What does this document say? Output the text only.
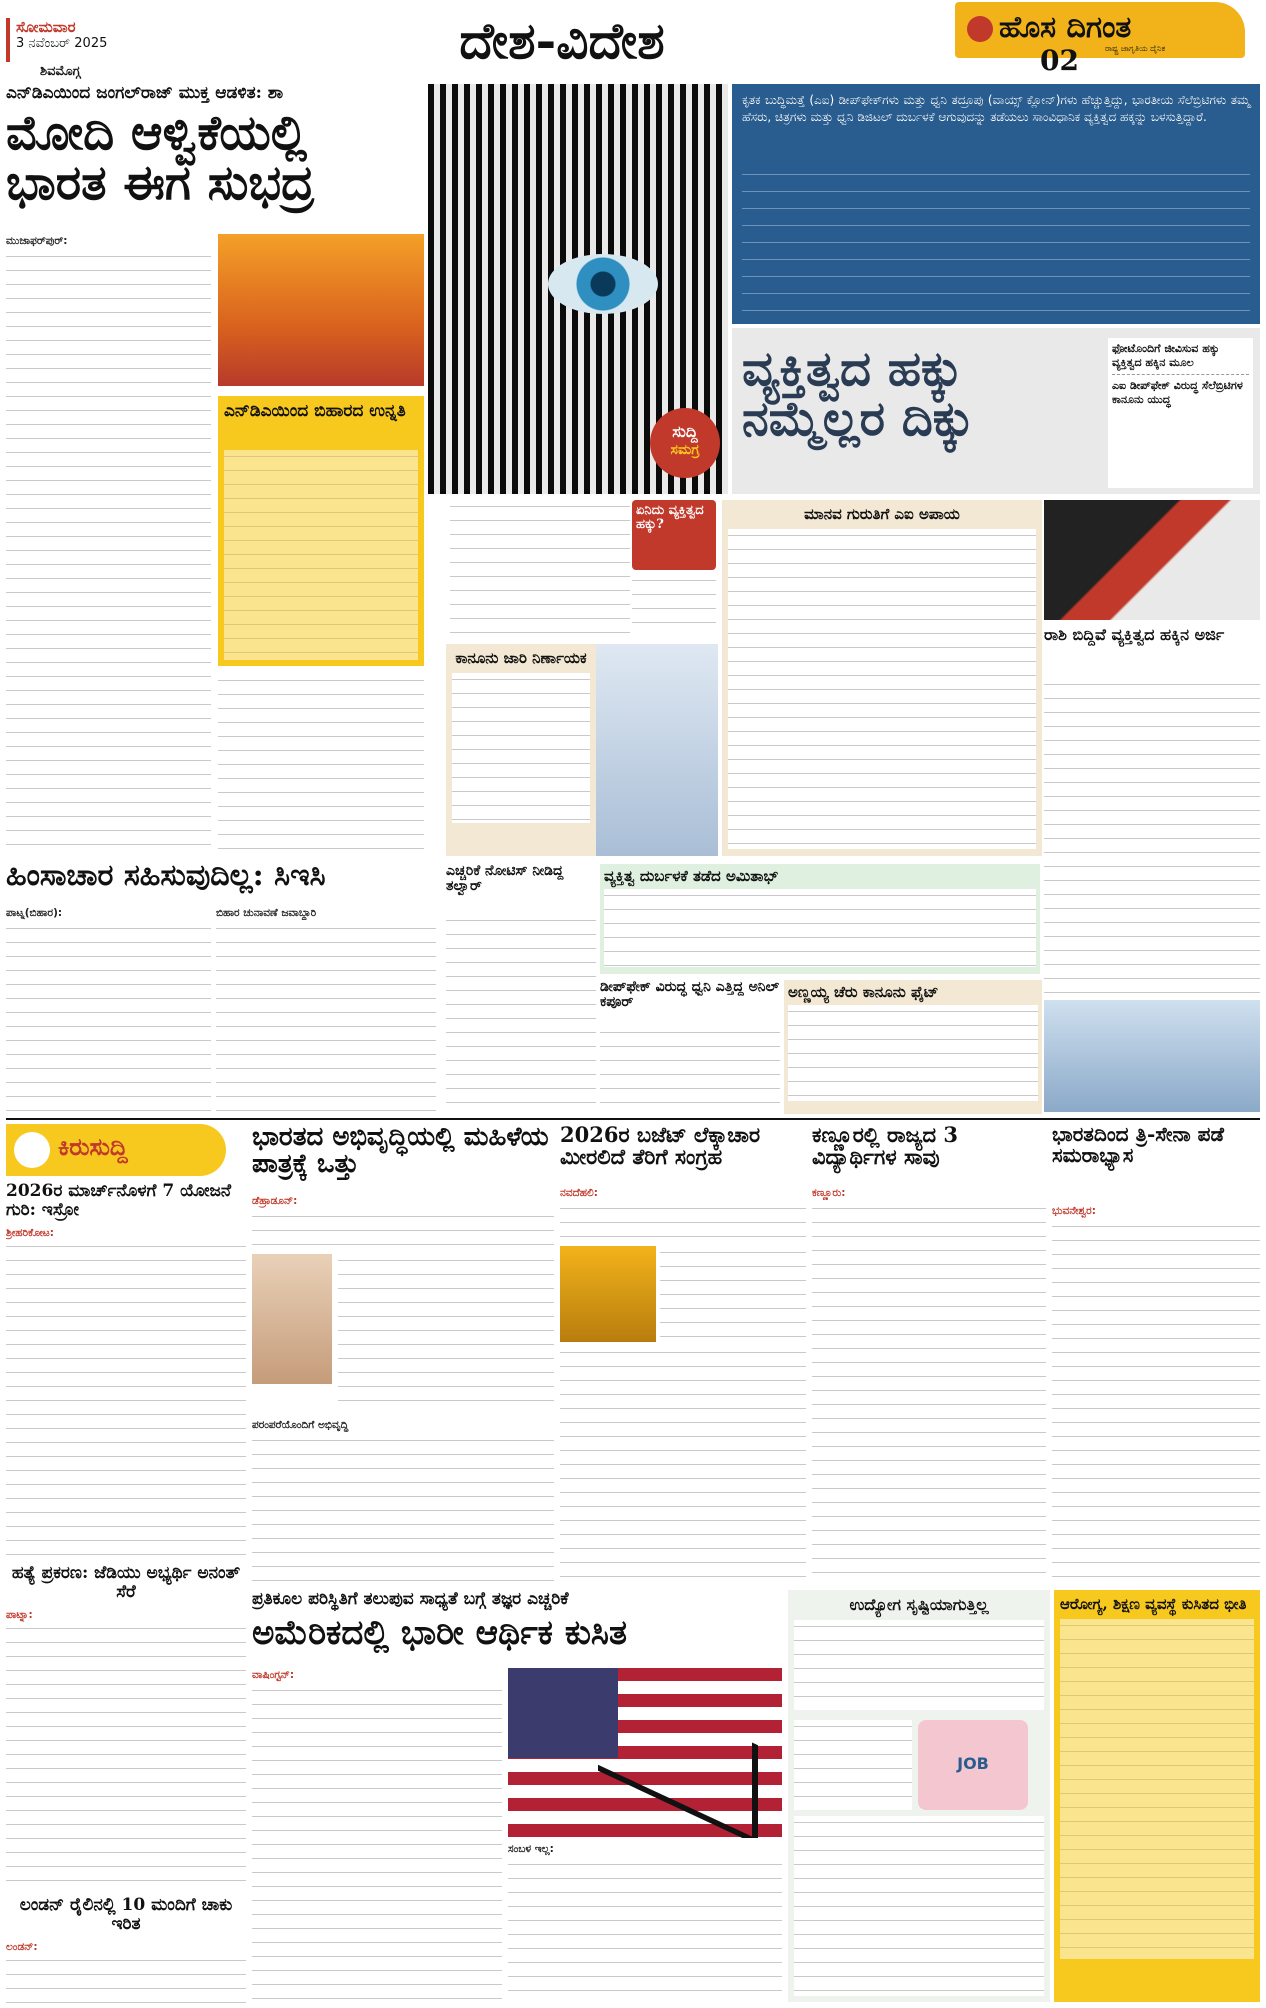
ಸೋಮವಾರ
3 ನವೆಂಬರ್ 2025
ಶಿವಮೊಗ್ಗ
ದೇಶ-ವಿದೇಶ	ಹೊಸ ದಿಗಂತ
ರಾಷ್ಟ್ರ ಜಾಗೃತಿಯ ದೈನಿಕ
02
ಎನ್‌ಡಿಎಯಿಂದ ಜಂಗಲ್‌ರಾಜ್ ಮುಕ್ತ ಆಡಳಿತ: ಶಾ
ಮೋದಿ ಆಳ್ವಿಕೆಯಲ್ಲಿ ಭಾರತ ಈಗ ಸುಭದ್ರ
ಮುಜಾಫರ್‌ಪುರ್:
ಎನ್‌ಡಿಎಯಿಂದ ಬಿಹಾರದ ಉನ್ನತಿ
ಸುದ್ದಿ
ಸಮಗ್ರ
ಕೃತಕ ಬುದ್ಧಿಮತ್ತೆ (ಎಐ) ಡೀಪ್‌ಫೇಕ್‌ಗಳು ಮತ್ತು ಧ್ವನಿ ತದ್ರೂಪು (ವಾಯ್ಸ್ ಕ್ಲೋನ್)ಗಳು ಹೆಚ್ಚುತ್ತಿದ್ದು, ಭಾರತೀಯ ಸೆಲೆಬ್ರಿಟಿಗಳು ತಮ್ಮ ಹೆಸರು, ಚಿತ್ರಗಳು ಮತ್ತು ಧ್ವನಿ ಡಿಜಿಟಲ್ ದುರ್ಬಳಕೆ ಆಗುವುದನ್ನು ತಡೆಯಲು ಸಾಂವಿಧಾನಿಕ ವ್ಯಕ್ತಿತ್ವದ ಹಕ್ಕನ್ನು ಬಳಸುತ್ತಿದ್ದಾರೆ.
ವ್ಯಕ್ತಿತ್ವದ ಹಕ್ಕು ನಮ್ಮೆಲ್ಲರ ದಿಕ್ಕು
ಫೋಟೊಂದಿಗೆ ಜೀವಿಸುವ ಹಕ್ಕು ವ್ಯಕ್ತಿತ್ವದ ಹಕ್ಕಿನ ಮೂಲ
ಎಐ ಡೀಪ್‌ಫೇಕ್ ವಿರುದ್ಧ ಸೆಲೆಬ್ರಿಟಿಗಳ ಕಾನೂನು ಯುದ್ಧ
ಏನಿದು ವ್ಯಕ್ತಿತ್ವದ ಹಕ್ಕು?
ಕಾನೂನು ಜಾರಿ ನಿರ್ಣಾಯಕ
ಮಾನವ ಗುರುತಿಗೆ ಎಐ ಅಪಾಯ
ರಾಶಿ ಬಿದ್ದಿವೆ ವ್ಯಕ್ತಿತ್ವದ ಹಕ್ಕಿನ ಅರ್ಜಿ
ಎಚ್ಚರಿಕೆ ನೋಟಿಸ್ ನೀಡಿದ್ದ ತಲ್ವಾರ್
ವ್ಯಕ್ತಿತ್ವ ದುರ್ಬಳಕೆ ತಡೆದ ಅಮಿತಾಭ್
ಡೀಪ್‌ಫೇಕ್ ವಿರುದ್ಧ ಧ್ವನಿ ಎತ್ತಿದ್ದ ಅನಿಲ್ ಕಪೂರ್
ಅಣ್ಣಯ್ಯ ಚೆರು ಕಾನೂನು ಫೈಟ್
ಹಿಂಸಾಚಾರ ಸಹಿಸುವುದಿಲ್ಲ: ಸಿಇಸಿ
ಪಾಟ್ನ(ಬಿಹಾರ):	ಬಿಹಾರ ಚುನಾವಣೆ ಜವಾಬ್ದಾರಿ
ಕಿರುಸುದ್ದಿ
2026ರ ಮಾರ್ಚ್‌ನೊಳಗೆ 7 ಯೋಜನೆ ಗುರಿ: ಇಸ್ರೋ
ಶ್ರೀಹರಿಕೋಟ:
ಹತ್ಯೆ ಪ್ರಕರಣ: ಜೆಡಿಯು ಅಭ್ಯರ್ಥಿ ಅನಂತ್ ಸೆರೆ
ಪಾಟ್ನಾ:
ಲಂಡನ್ ರೈಲಿನಲ್ಲಿ 10 ಮಂದಿಗೆ ಚಾಕು ಇರಿತ
ಲಂಡನ್:
ಭಾರತದ ಅಭಿವೃದ್ಧಿಯಲ್ಲಿ ಮಹಿಳೆಯ ಪಾತ್ರಕ್ಕೆ ಒತ್ತು
ಡೆಹ್ರಾಡೂನ್:
ಪರಂಪರೆಯೊಂದಿಗೆ ಅಭಿವೃದ್ಧಿ
2026ರ ಬಜೆಟ್ ಲೆಕ್ಕಾಚಾರ ಮೀರಲಿದೆ ತೆರಿಗೆ ಸಂಗ್ರಹ
ನವದೆಹಲಿ:
ಕಣ್ಣೂರಲ್ಲಿ ರಾಜ್ಯದ 3 ವಿದ್ಯಾರ್ಥಿಗಳ ಸಾವು
ಕಣ್ಣೂರು:
ಭಾರತದಿಂದ ತ್ರಿ-ಸೇನಾ ಪಡೆ ಸಮರಾಭ್ಯಾಸ
ಭುವನೇಶ್ವರ:
ಪ್ರತಿಕೂಲ ಪರಿಸ್ಥಿತಿಗೆ ತಲುಪುವ ಸಾಧ್ಯತೆ ಬಗ್ಗೆ ತಜ್ಞರ ಎಚ್ಚರಿಕೆ
ಅಮೆರಿಕದಲ್ಲಿ ಭಾರೀ ಆರ್ಥಿಕ ಕುಸಿತ
ವಾಷಿಂಗ್ಟನ್:
ಸಂಬಳ ಇಲ್ಲ:
ಉದ್ಯೋಗ ಸೃಷ್ಟಿಯಾಗುತ್ತಿಲ್ಲ
JOB
ಆರೋಗ್ಯ, ಶಿಕ್ಷಣ ವ್ಯವಸ್ಥೆ ಕುಸಿತದ ಭೀತಿ
